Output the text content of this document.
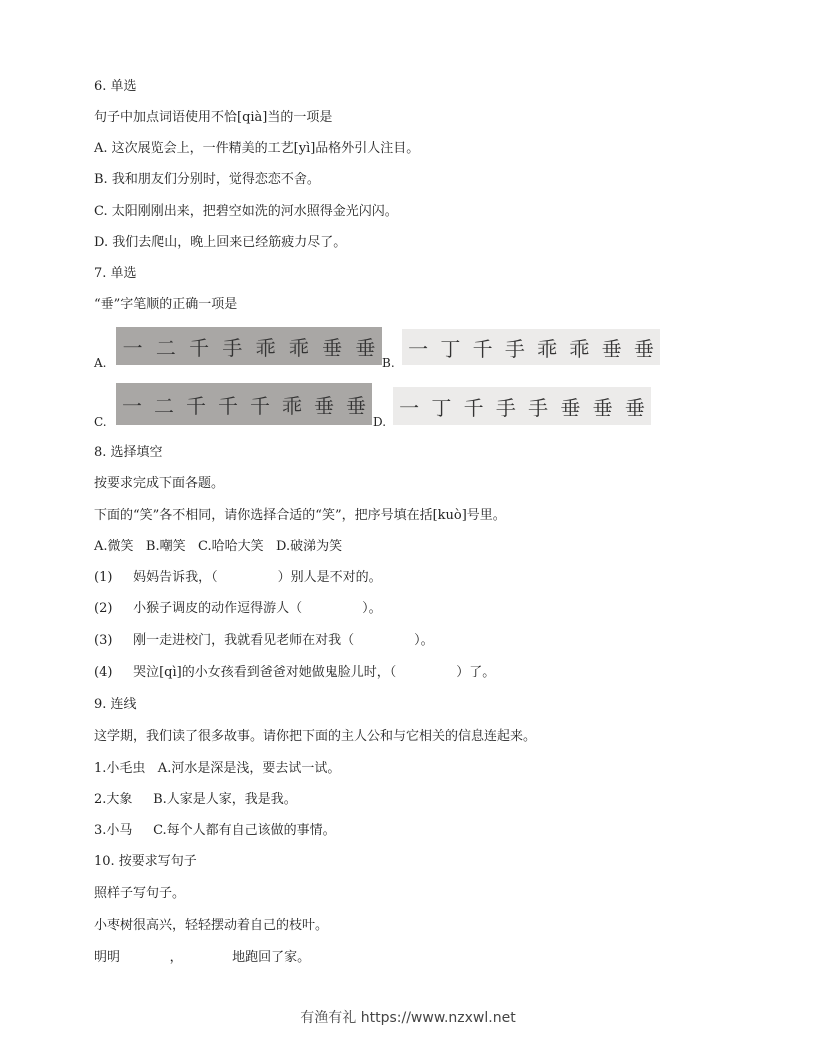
6. 单选
句子中加点词语使用不恰[qià]当的一项是
A. 这次展览会上，一件精美的工艺[yì]品格外引人注目。
B. 我和朋友们分别时，觉得恋恋不舍。
C. 太阳刚刚出来，把碧空如洗的河水照得金光闪闪。
D. 我们去爬山，晚上回来已经筋疲力尽了。
7. 单选
“垂”字笔顺的正确一项是
A.
一 二 千 手 乖 乖 垂 垂
B.
一 丁 千 手 乖 乖 垂 垂
C.
一 二 千 千 千 乖 垂 垂
D.
一 丁 千 手 手 垂 垂 垂
8. 选择填空
按要求完成下面各题。
下面的“笑”各不相同，请你选择合适的“笑”，把序号填在括[kuò]号里。
A.微笑   B.嘲笑   C.哈哈大笑   D.破涕为笑
(1) 妈妈告诉我，（	）别人是不对的。
(2) 小猴子调皮的动作逗得游人（	）。
(3) 刚一走进校门，我就看见老师在对我（	）。
(4) 哭泣[qì]的小女孩看到爸爸对她做鬼脸儿时，（	）了。
9. 连线
这学期，我们读了很多故事。请你把下面的主人公和与它相关的信息连起来。
1.小毛虫   A.河水是深是浅，要去试一试。
2.大象     B.人家是人家，我是我。
3.小马     C.每个人都有自己该做的事情。
10. 按要求写句子
照样子写句子。
小枣树很高兴，轻轻摆动着自己的枝叶。
明明            ，            地跑回了家。
有渔有礼 https://www.nzxwl.net
